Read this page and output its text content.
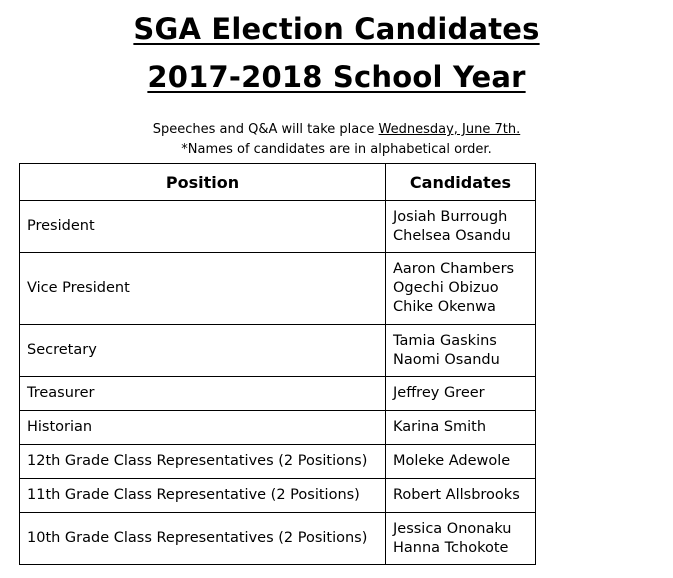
SGA Election Candidates
2017-2018 School Year
Speeches and Q&A will take place Wednesday, June 7th.
*Names of candidates are in alphabetical order.
Position	Candidates
President	Josiah Burrough
Chelsea Osandu

Vice President	Aaron Chambers
Ogechi Obizuo
Chike Okenwa

Secretary	Tamia Gaskins
Naomi Osandu

Treasurer	Jeffrey Greer

Historian	Karina Smith

12th Grade Class Representatives (2 Positions)	Moleke Adewole

11th Grade Class Representative (2 Positions)	Robert Allsbrooks

10th Grade Class Representatives (2 Positions)	Jessica Ononaku
Hanna Tchokote
